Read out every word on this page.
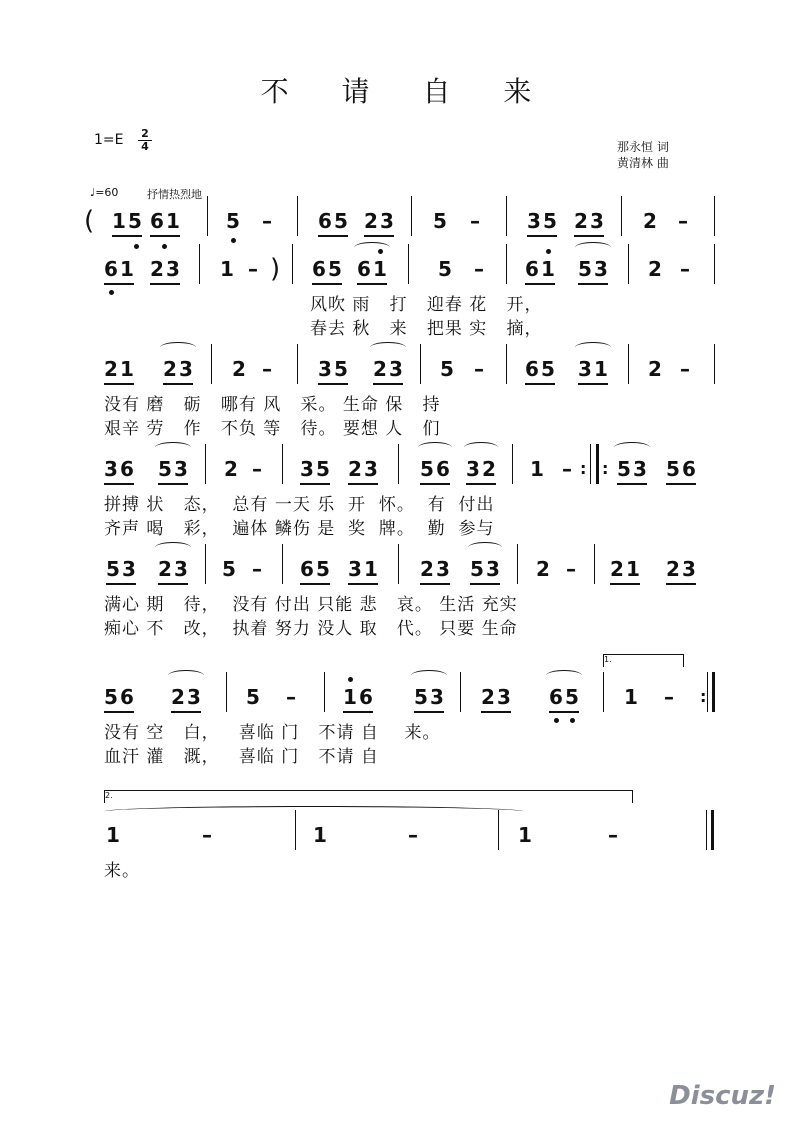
不 请 自 来
1=E 2
4	那永恒 词
黄清林 曲
♩=60	抒情热烈地
( 1 5 6 1 5 – 6 5 2 3 5 – 3 5 2 3 2 –
6 1 2 3 1 – ) 6 5 6 1	5 – 6 1 5 3 2 –
风吹 雨   打   迎春 花   开，
春去 秋   来   把果 实   摘，
2 1 2 3 2 – 3 5 2 3 5 – 6 5 3 1 2 –
没有 磨   砺   哪有 风   采。 生命 保   持
艰辛 劳   作   不负 等   待。 要想 人   们
3 6 5 3 2 – 3 5 2 3 5 6 3 2 1 – : : 5 3 5 6
拼搏 状   态，  总有 一天 乐  开  怀。  有  付出
齐声 喝   彩，  遍体 鳞伤 是  奖  牌。  勤  参与
5 3 2 3 5 – 6 5 3 1 2 3 5 3 2 – 2 1 2 3
满心 期   待，  没有 付出 只能 悲   哀。 生活 充实
痴心 不   改，  执着 努力 没人 取   代。 只要 生命
1.
5 6 2 3 5 – 1 6 5 3 2 3 6 5 1 – :
没有 空   白，   喜临 门   不请 自    来。
血汗 灌   溉，   喜临 门   不请 自
2.
1	–	1	–	1	–
来。
Discuz!
